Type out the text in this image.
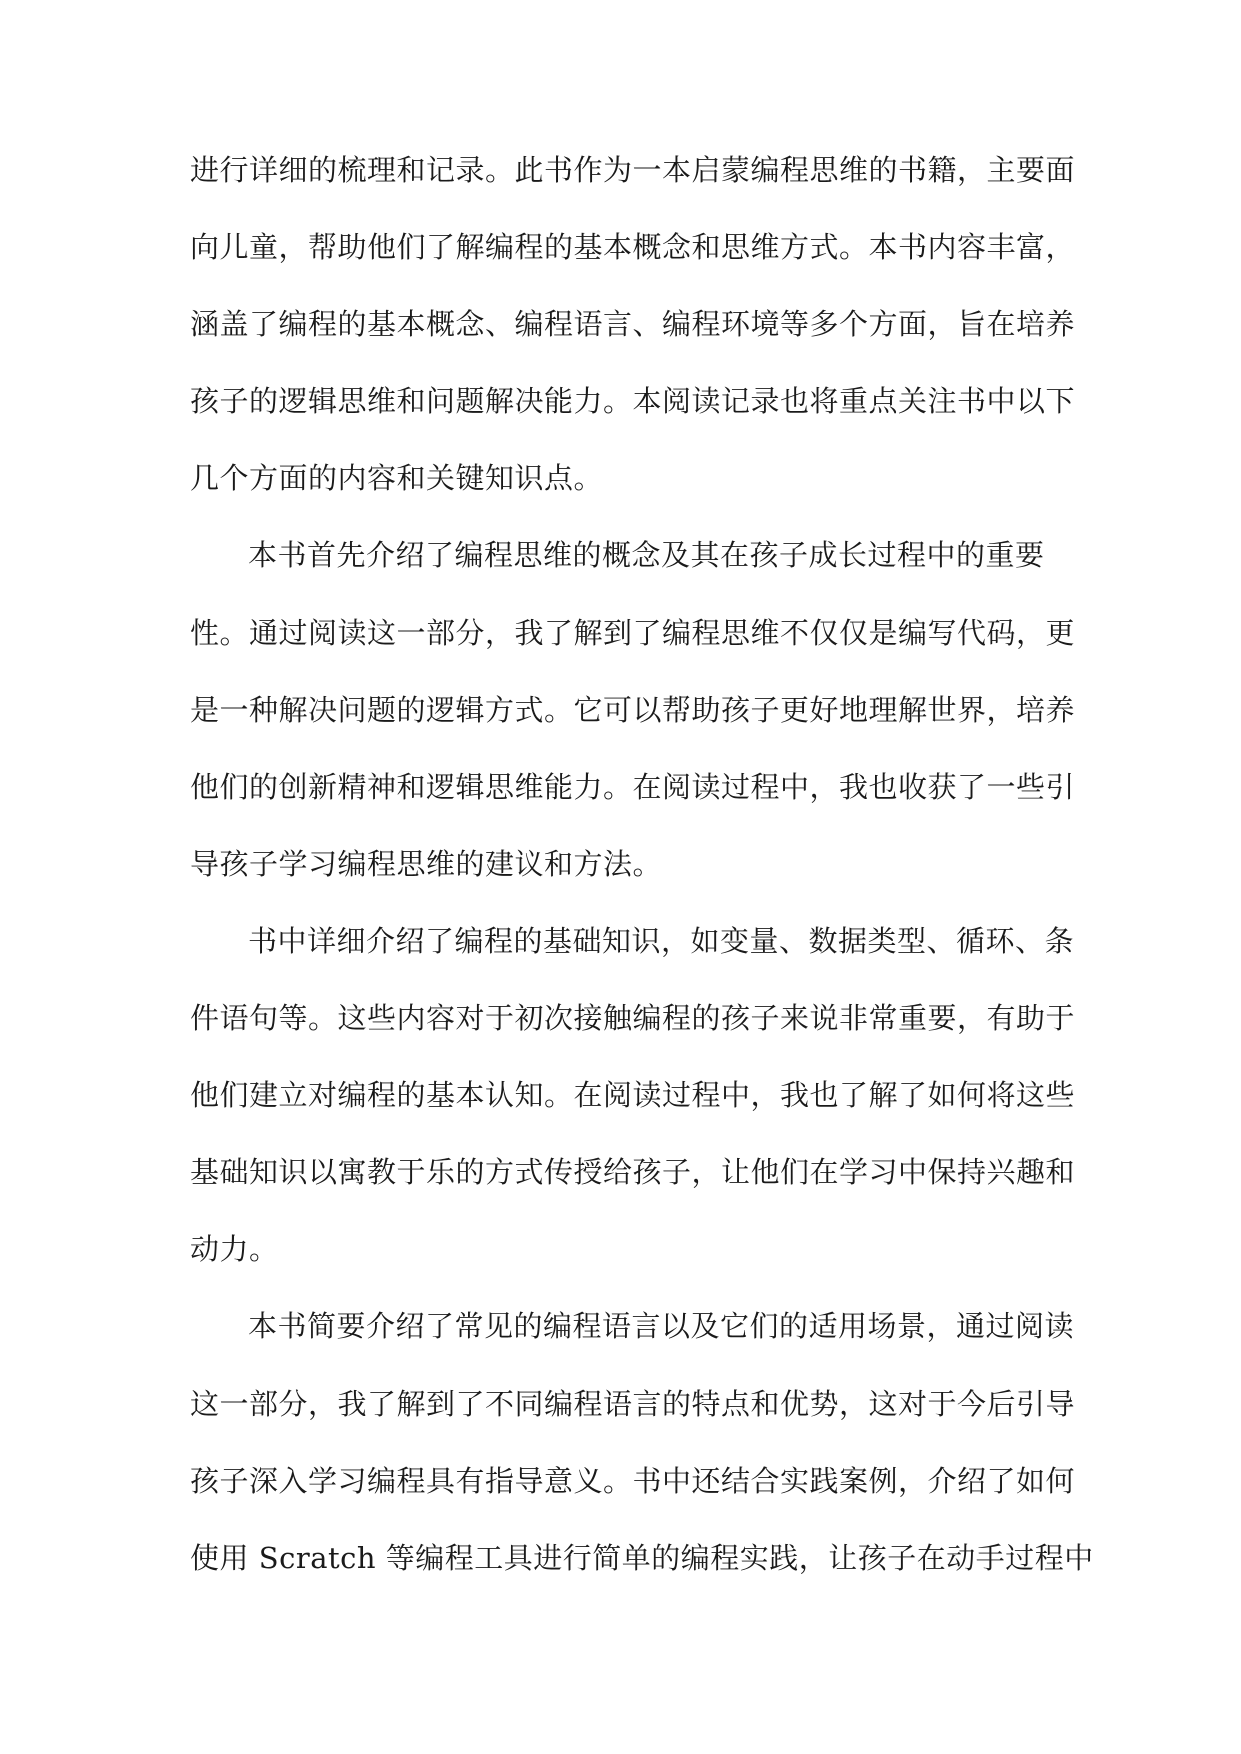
进行详细的梳理和记录。此书作为一本启蒙编程思维的书籍，主要面
向儿童，帮助他们了解编程的基本概念和思维方式。本书内容丰富，
涵盖了编程的基本概念、编程语言、编程环境等多个方面，旨在培养
孩子的逻辑思维和问题解决能力。本阅读记录也将重点关注书中以下
几个方面的内容和关键知识点。
本书首先介绍了编程思维的概念及其在孩子成长过程中的重要
性。通过阅读这一部分，我了解到了编程思维不仅仅是编写代码，更
是一种解决问题的逻辑方式。它可以帮助孩子更好地理解世界，培养
他们的创新精神和逻辑思维能力。在阅读过程中，我也收获了一些引
导孩子学习编程思维的建议和方法。
书中详细介绍了编程的基础知识，如变量、数据类型、循环、条
件语句等。这些内容对于初次接触编程的孩子来说非常重要，有助于
他们建立对编程的基本认知。在阅读过程中，我也了解了如何将这些
基础知识以寓教于乐的方式传授给孩子，让他们在学习中保持兴趣和
动力。
本书简要介绍了常见的编程语言以及它们的适用场景，通过阅读
这一部分，我了解到了不同编程语言的特点和优势，这对于今后引导
孩子深入学习编程具有指导意义。书中还结合实践案例，介绍了如何
使用 Scratch 等编程工具进行简单的编程实践，让孩子在动手过程中
